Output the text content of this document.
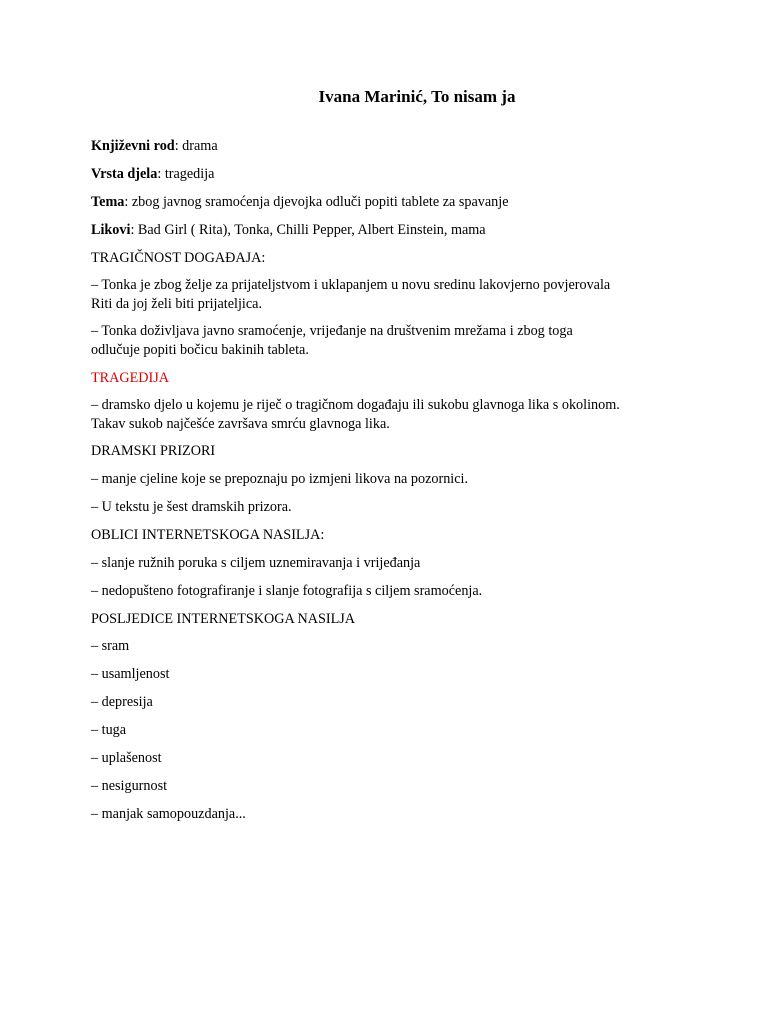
Ivana Marinić, To nisam ja
Književni rod: drama
Vrsta djela: tragedija
Tema: zbog javnog sramoćenja djevojka odluči popiti tablete za spavanje
Likovi: Bad Girl ( Rita), Tonka, Chilli Pepper, Albert Einstein, mama
TRAGIČNOST DOGAĐAJA:
– Tonka je zbog želje za prijateljstvom i uklapanjem u novu sredinu lakovjerno povjerovala
Riti da joj želi biti prijateljica.
– Tonka doživljava javno sramoćenje, vrijeđanje na društvenim mrežama i zbog toga
odlučuje popiti bočicu bakinih tableta.
TRAGEDIJA
– dramsko djelo u kojemu je riječ o tragičnom događaju ili sukobu glavnoga lika s okolinom.
Takav sukob najčešće završava smrću glavnoga lika.
DRAMSKI PRIZORI
– manje cjeline koje se prepoznaju po izmjeni likova na pozornici.
– U tekstu je šest dramskih prizora.
OBLICI INTERNETSKOGA NASILJA:
– slanje ružnih poruka s ciljem uznemiravanja i vrijeđanja
– nedopušteno fotografiranje i slanje fotografija s ciljem sramoćenja.
POSLJEDICE INTERNETSKOGA NASILJA
– sram
– usamljenost
– depresija
– tuga
– uplašenost
– nesigurnost
– manjak samopouzdanja...
